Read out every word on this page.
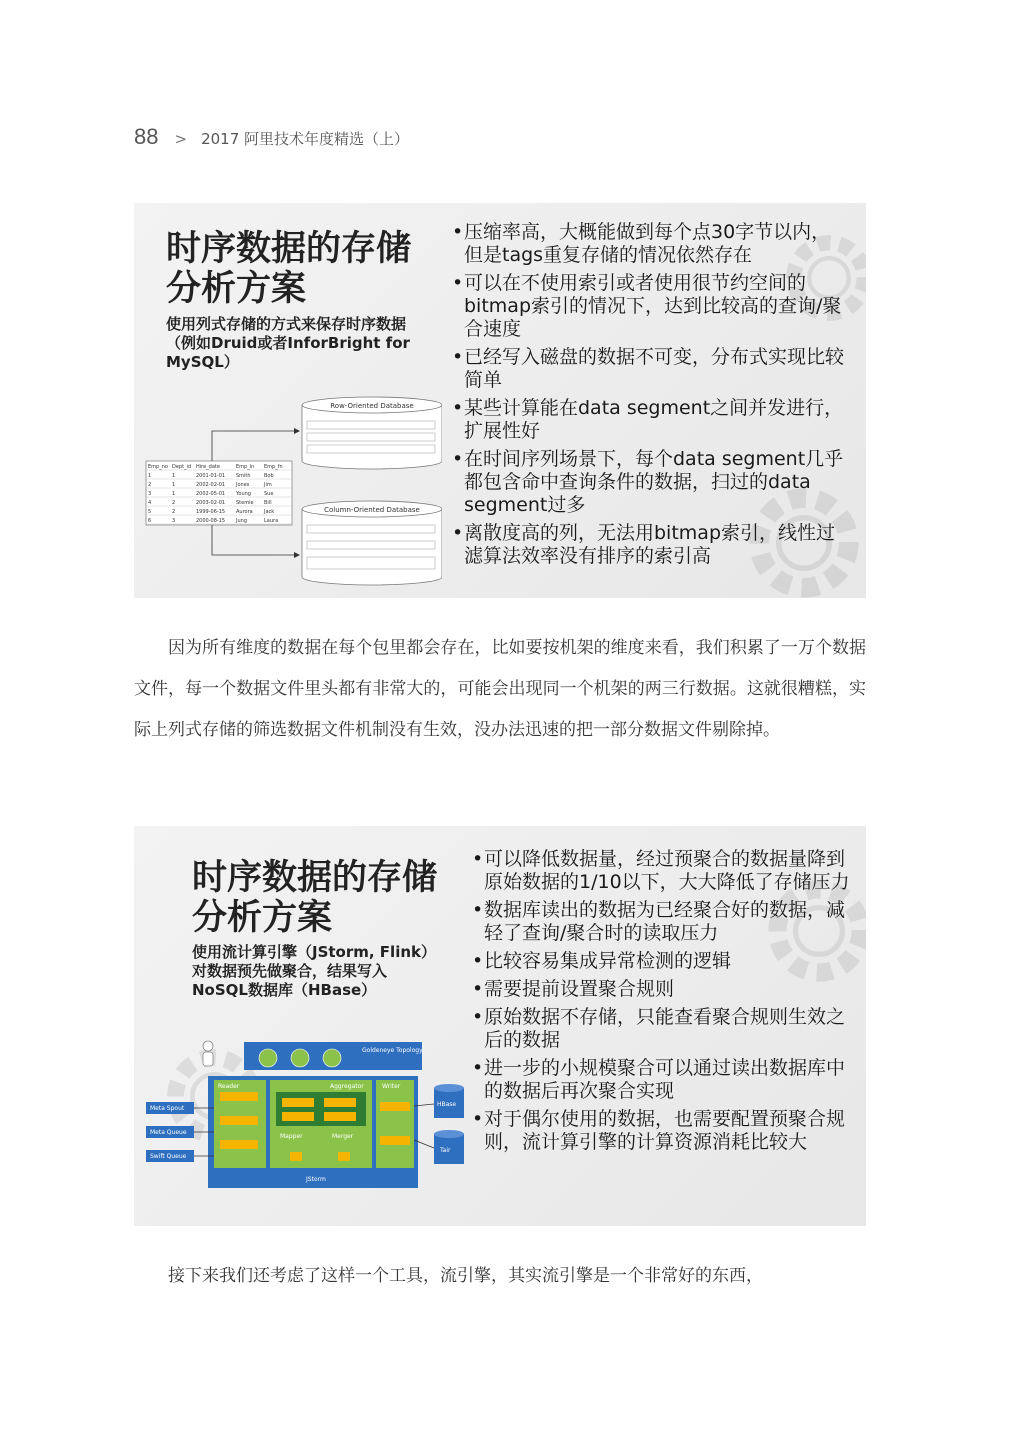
88 > 2017 阿里技术年度精选（上）
时序数据的存储
分析方案
使用列式存储的方式来保存时序数据（例如Druid或者InforBright for MySQL）
Emp_no Dept_id Hire_date	Emp_ln Emp_fn
1	1	2001-01-01 Smith	Bob
2	1	2002-02-01 Jones	Jim
3	1	2002-05-01 Young	Sue
4	2	2003-02-01 Stemle Bill
5	2	1999-06-15 Aurora Jack
6	3	2000-08-15 Jung	Laura
Row-Oriented Database
Column-Oriented Database
• 压缩率高，大概能做到每个点30字节以内，但是tags重复存储的情况依然存在
• 可以在不使用索引或者使用很节约空间的bitmap索引的情况下，达到比较高的查询/聚合速度
• 已经写入磁盘的数据不可变，分布式实现比较简单
• 某些计算能在data segment之间并发进行，扩展性好
• 在时间序列场景下，每个data segment几乎都包含命中查询条件的数据，扫过的data segment过多
• 离散度高的列，无法用bitmap索引，线性过滤算法效率没有排序的索引高

因为所有维度的数据在每个包里都会存在，比如要按机架的维度来看，我们积累了一万个数据文件，每一个数据文件里头都有非常大的，可能会出现同一个机架的两三行数据。这就很糟糕，实际上列式存储的筛选数据文件机制没有生效，没办法迅速的把一部分数据文件剔除掉。

时序数据的存储
分析方案
使用流计算引擎（JStorm, Flink）对数据预先做聚合，结果写入NoSQL数据库（HBase）
Goldeneye Topology
JStorm
Reader	Aggregator
Mapper	Merger
Writer
Meta Spout
Meta Queue
Swift Queue
HBase
Tair
• 可以降低数据量，经过预聚合的数据量降到原始数据的1/10以下，大大降低了存储压力
• 数据库读出的数据为已经聚合好的数据，减轻了查询/聚合时的读取压力
• 比较容易集成异常检测的逻辑
• 需要提前设置聚合规则
• 原始数据不存储，只能查看聚合规则生效之后的数据
• 进一步的小规模聚合可以通过读出数据库中的数据后再次聚合实现
• 对于偶尔使用的数据，也需要配置预聚合规则，流计算引擎的计算资源消耗比较大

接下来我们还考虑了这样一个工具，流引擎，其实流引擎是一个非常好的东西，
